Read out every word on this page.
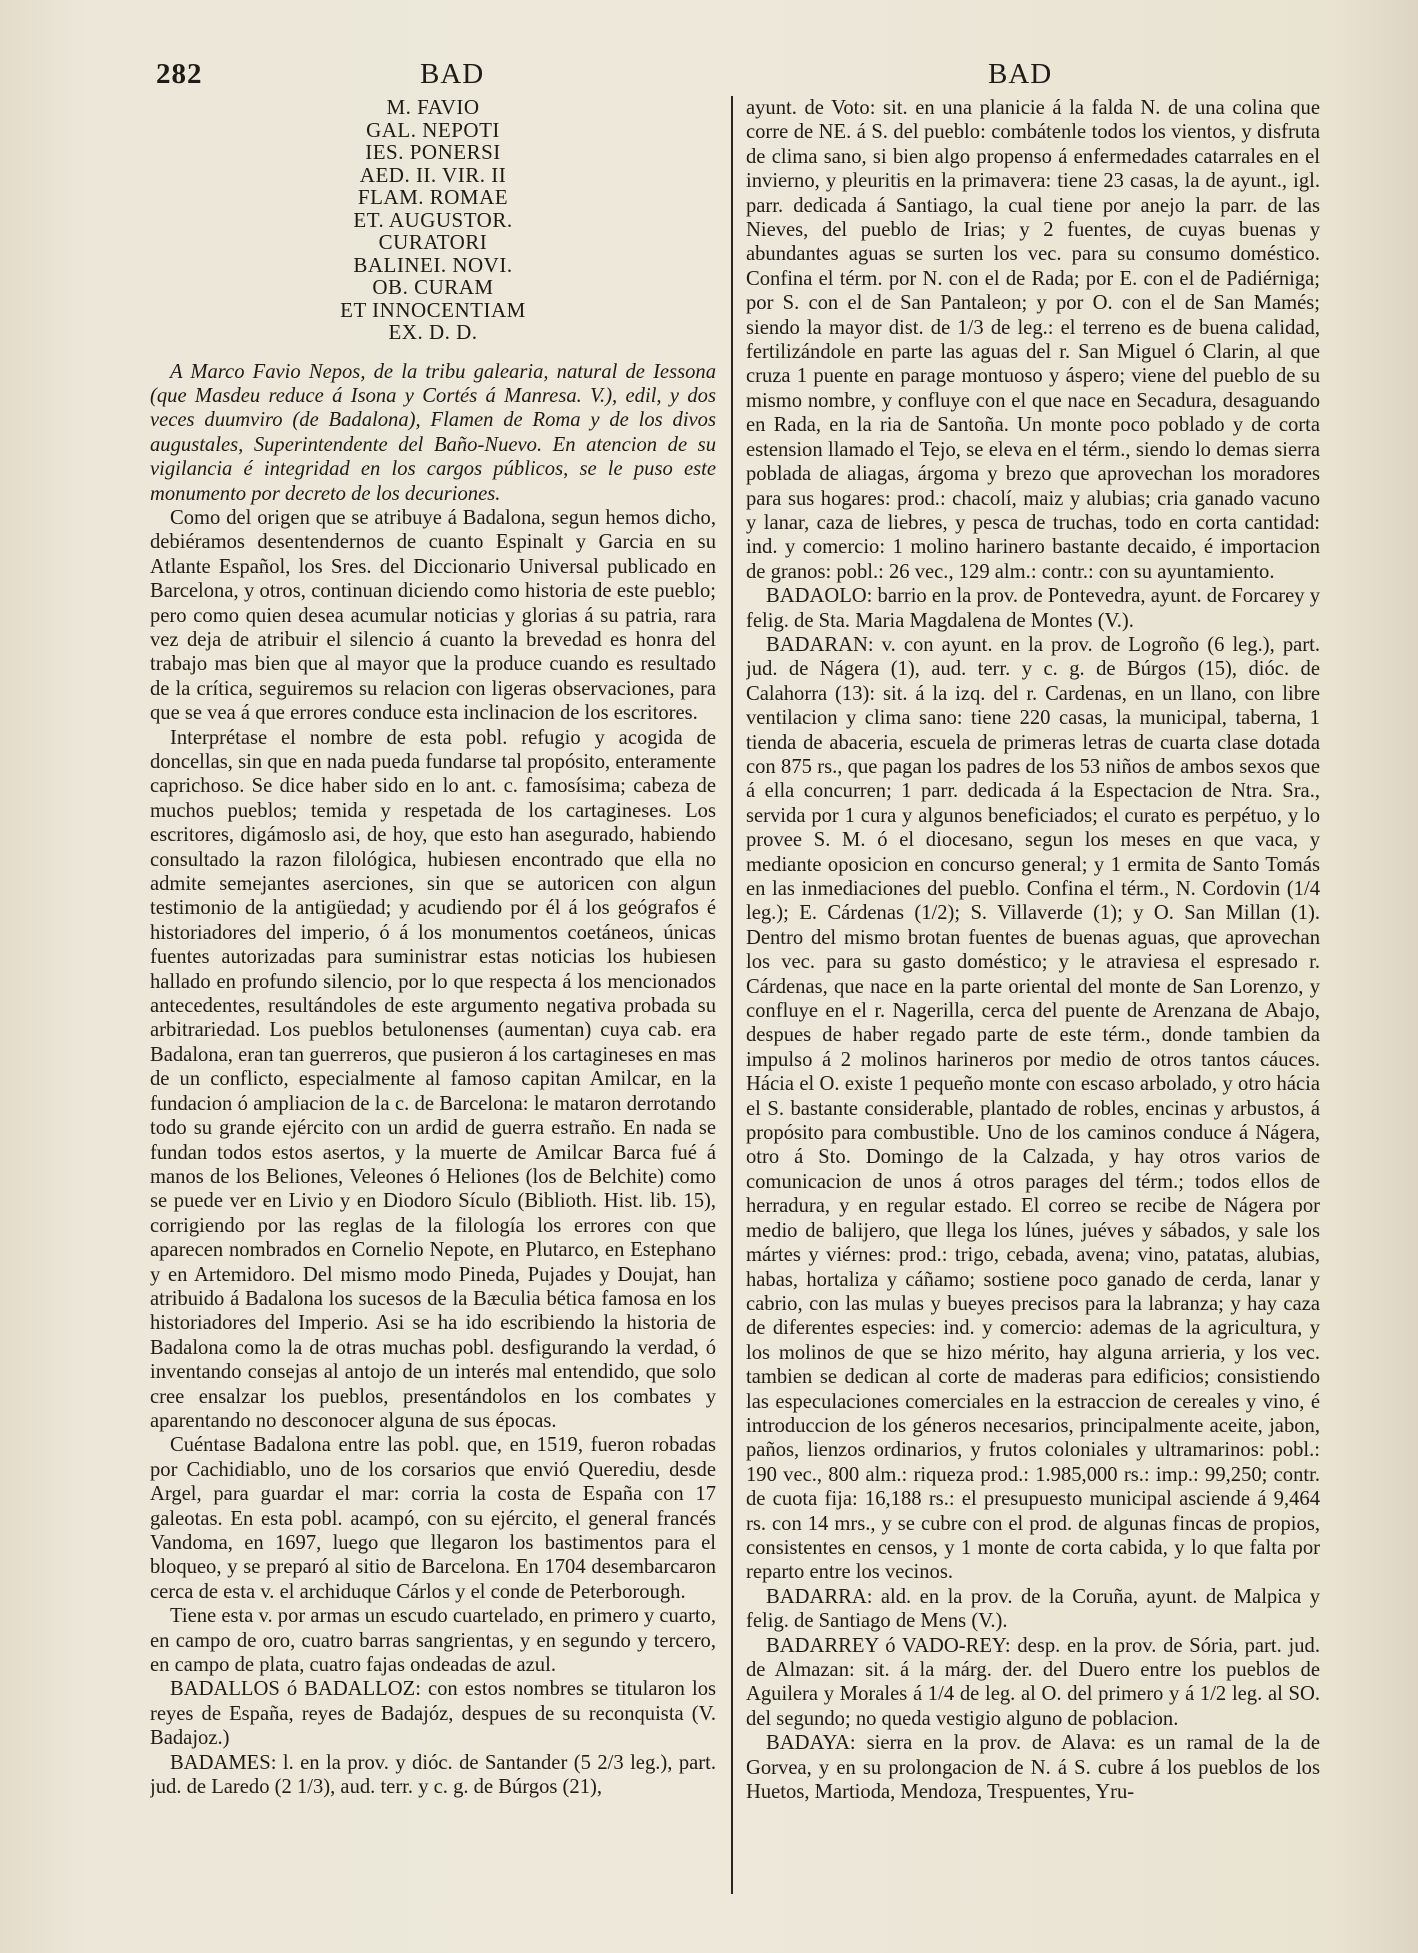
282	BAD	BAD
M. FAVIO
GAL. NEPOTI
IES. PONERSI
AED. II. VIR. II
FLAM. ROMAE
ET. AUGUSTOR.
CURATORI
BALINEI. NOVI.
OB. CURAM
ET INNOCENTIAM
EX. D. D.

A Marco Favio Nepos, de la tribu galearia, natural de Iessona (que Masdeu reduce á Isona y Cortés á Manresa. V.), edil, y dos veces duumviro (de Badalona), Flamen de Roma y de los divos augustales, Superintendente del Baño-Nuevo. En atencion de su vigilancia é integridad en los cargos públicos, se le puso este monumento por decreto de los decuriones.

Como del origen que se atribuye á Badalona, segun hemos dicho, debiéramos desentendernos de cuanto Espinalt y Garcia en su Atlante Español, los Sres. del Diccionario Universal publicado en Barcelona, y otros, continuan diciendo como historia de este pueblo; pero como quien desea acumular noticias y glorias á su patria, rara vez deja de atribuir el silencio á cuanto la brevedad es honra del trabajo mas bien que al mayor que la produce cuando es resultado de la crítica, seguiremos su relacion con ligeras observaciones, para que se vea á que errores conduce esta inclinacion de los escritores.

Interprétase el nombre de esta pobl. refugio y acogida de doncellas, sin que en nada pueda fundarse tal propósito, enteramente caprichoso. Se dice haber sido en lo ant. c. famosísima; cabeza de muchos pueblos; temida y respetada de los cartagineses. Los escritores, digámoslo asi, de hoy, que esto han asegurado, habiendo consultado la razon filológica, hubiesen encontrado que ella no admite semejantes aserciones, sin que se autoricen con algun testimonio de la antigüedad; y acudiendo por él á los geógrafos é historiadores del imperio, ó á los monumentos coetáneos, únicas fuentes autorizadas para suministrar estas noticias los hubiesen hallado en profundo silencio, por lo que respecta á los mencionados antecedentes, resultándoles de este argumento negativa probada su arbitrariedad. Los pueblos betulonenses (aumentan) cuya cab. era Badalona, eran tan guerreros, que pusieron á los cartagineses en mas de un conflicto, especialmente al famoso capitan Amilcar, en la fundacion ó ampliacion de la c. de Barcelona: le mataron derrotando todo su grande ejército con un ardid de guerra estraño. En nada se fundan todos estos asertos, y la muerte de Amilcar Barca fué á manos de los Beliones, Veleones ó Heliones (los de Belchite) como se puede ver en Livio y en Diodoro Sículo (Biblioth. Hist. lib. 15), corrigiendo por las reglas de la filología los errores con que aparecen nombrados en Cornelio Nepote, en Plutarco, en Estephano y en Artemidoro. Del mismo modo Pineda, Pujades y Doujat, han atribuido á Badalona los sucesos de la Bæculia bética famosa en los historiadores del Imperio. Asi se ha ido escribiendo la historia de Badalona como la de otras muchas pobl. desfigurando la verdad, ó inventando consejas al antojo de un interés mal entendido, que solo cree ensalzar los pueblos, presentándolos en los combates y aparentando no desconocer alguna de sus épocas.

Cuéntase Badalona entre las pobl. que, en 1519, fueron robadas por Cachidiablo, uno de los corsarios que envió Querediu, desde Argel, para guardar el mar: corria la costa de España con 17 galeotas. En esta pobl. acampó, con su ejército, el general francés Vandoma, en 1697, luego que llegaron los bastimentos para el bloqueo, y se preparó al sitio de Barcelona. En 1704 desembarcaron cerca de esta v. el archiduque Cárlos y el conde de Peterborough.

Tiene esta v. por armas un escudo cuartelado, en primero y cuarto, en campo de oro, cuatro barras sangrientas, y en segundo y tercero, en campo de plata, cuatro fajas ondeadas de azul.

BADALLOS ó BADALLOZ: con estos nombres se titularon los reyes de España, reyes de Badajóz, despues de su reconquista (V. Badajoz.)

BADAMES: l. en la prov. y dióc. de Santander (5 2/3 leg.), part. jud. de Laredo (2 1/3), aud. terr. y c. g. de Búrgos (21),

ayunt. de Voto: sit. en una planicie á la falda N. de una colina que corre de NE. á S. del pueblo: combátenle todos los vientos, y disfruta de clima sano, si bien algo propenso á enfermedades catarrales en el invierno, y pleuritis en la primavera: tiene 23 casas, la de ayunt., igl. parr. dedicada á Santiago, la cual tiene por anejo la parr. de las Nieves, del pueblo de Irias; y 2 fuentes, de cuyas buenas y abundantes aguas se surten los vec. para su consumo doméstico. Confina el térm. por N. con el de Rada; por E. con el de Padiérniga; por S. con el de San Pantaleon; y por O. con el de San Mamés; siendo la mayor dist. de 1/3 de leg.: el terreno es de buena calidad, fertilizándole en parte las aguas del r. San Miguel ó Clarin, al que cruza 1 puente en parage montuoso y áspero; viene del pueblo de su mismo nombre, y confluye con el que nace en Secadura, desaguando en Rada, en la ria de Santoña. Un monte poco poblado y de corta estension llamado el Tejo, se eleva en el térm., siendo lo demas sierra poblada de aliagas, árgoma y brezo que aprovechan los moradores para sus hogares: prod.: chacolí, maiz y alubias; cria ganado vacuno y lanar, caza de liebres, y pesca de truchas, todo en corta cantidad: ind. y comercio: 1 molino harinero bastante decaido, é importacion de granos: pobl.: 26 vec., 129 alm.: contr.: con su ayuntamiento.

BADAOLO: barrio en la prov. de Pontevedra, ayunt. de Forcarey y felig. de Sta. Maria Magdalena de Montes (V.).

BADARAN: v. con ayunt. en la prov. de Logroño (6 leg.), part. jud. de Nágera (1), aud. terr. y c. g. de Búrgos (15), dióc. de Calahorra (13): sit. á la izq. del r. Cardenas, en un llano, con libre ventilacion y clima sano: tiene 220 casas, la municipal, taberna, 1 tienda de abaceria, escuela de primeras letras de cuarta clase dotada con 875 rs., que pagan los padres de los 53 niños de ambos sexos que á ella concurren; 1 parr. dedicada á la Espectacion de Ntra. Sra., servida por 1 cura y algunos beneficiados; el curato es perpétuo, y lo provee S. M. ó el diocesano, segun los meses en que vaca, y mediante oposicion en concurso general; y 1 ermita de Santo Tomás en las inmediaciones del pueblo. Confina el térm., N. Cordovin (1/4 leg.); E. Cárdenas (1/2); S. Villaverde (1); y O. San Millan (1). Dentro del mismo brotan fuentes de buenas aguas, que aprovechan los vec. para su gasto doméstico; y le atraviesa el espresado r. Cárdenas, que nace en la parte oriental del monte de San Lorenzo, y confluye en el r. Nagerilla, cerca del puente de Arenzana de Abajo, despues de haber regado parte de este térm., donde tambien da impulso á 2 molinos harineros por medio de otros tantos cáuces. Hácia el O. existe 1 pequeño monte con escaso arbolado, y otro hácia el S. bastante considerable, plantado de robles, encinas y arbustos, á propósito para combustible. Uno de los caminos conduce á Nágera, otro á Sto. Domingo de la Calzada, y hay otros varios de comunicacion de unos á otros parages del térm.; todos ellos de herradura, y en regular estado. El correo se recibe de Nágera por medio de balijero, que llega los lúnes, juéves y sábados, y sale los mártes y viérnes: prod.: trigo, cebada, avena; vino, patatas, alubias, habas, hortaliza y cáñamo; sostiene poco ganado de cerda, lanar y cabrio, con las mulas y bueyes precisos para la labranza; y hay caza de diferentes especies: ind. y comercio: ademas de la agricultura, y los molinos de que se hizo mérito, hay alguna arrieria, y los vec. tambien se dedican al corte de maderas para edificios; consistiendo las especulaciones comerciales en la estraccion de cereales y vino, é introduccion de los géneros necesarios, principalmente aceite, jabon, paños, lienzos ordinarios, y frutos coloniales y ultramarinos: pobl.: 190 vec., 800 alm.: riqueza prod.: 1.985,000 rs.: imp.: 99,250; contr. de cuota fija: 16,188 rs.: el presupuesto municipal asciende á 9,464 rs. con 14 mrs., y se cubre con el prod. de algunas fincas de propios, consistentes en censos, y 1 monte de corta cabida, y lo que falta por reparto entre los vecinos.

BADARRA: ald. en la prov. de la Coruña, ayunt. de Malpica y felig. de Santiago de Mens (V.).

BADARREY ó VADO-REY: desp. en la prov. de Sória, part. jud. de Almazan: sit. á la márg. der. del Duero entre los pueblos de Aguilera y Morales á 1/4 de leg. al O. del primero y á 1/2 leg. al SO. del segundo; no queda vestigio alguno de poblacion.

BADAYA: sierra en la prov. de Alava: es un ramal de la de Gorvea, y en su prolongacion de N. á S. cubre á los pueblos de los Huetos, Martioda, Mendoza, Trespuentes, Yru-
